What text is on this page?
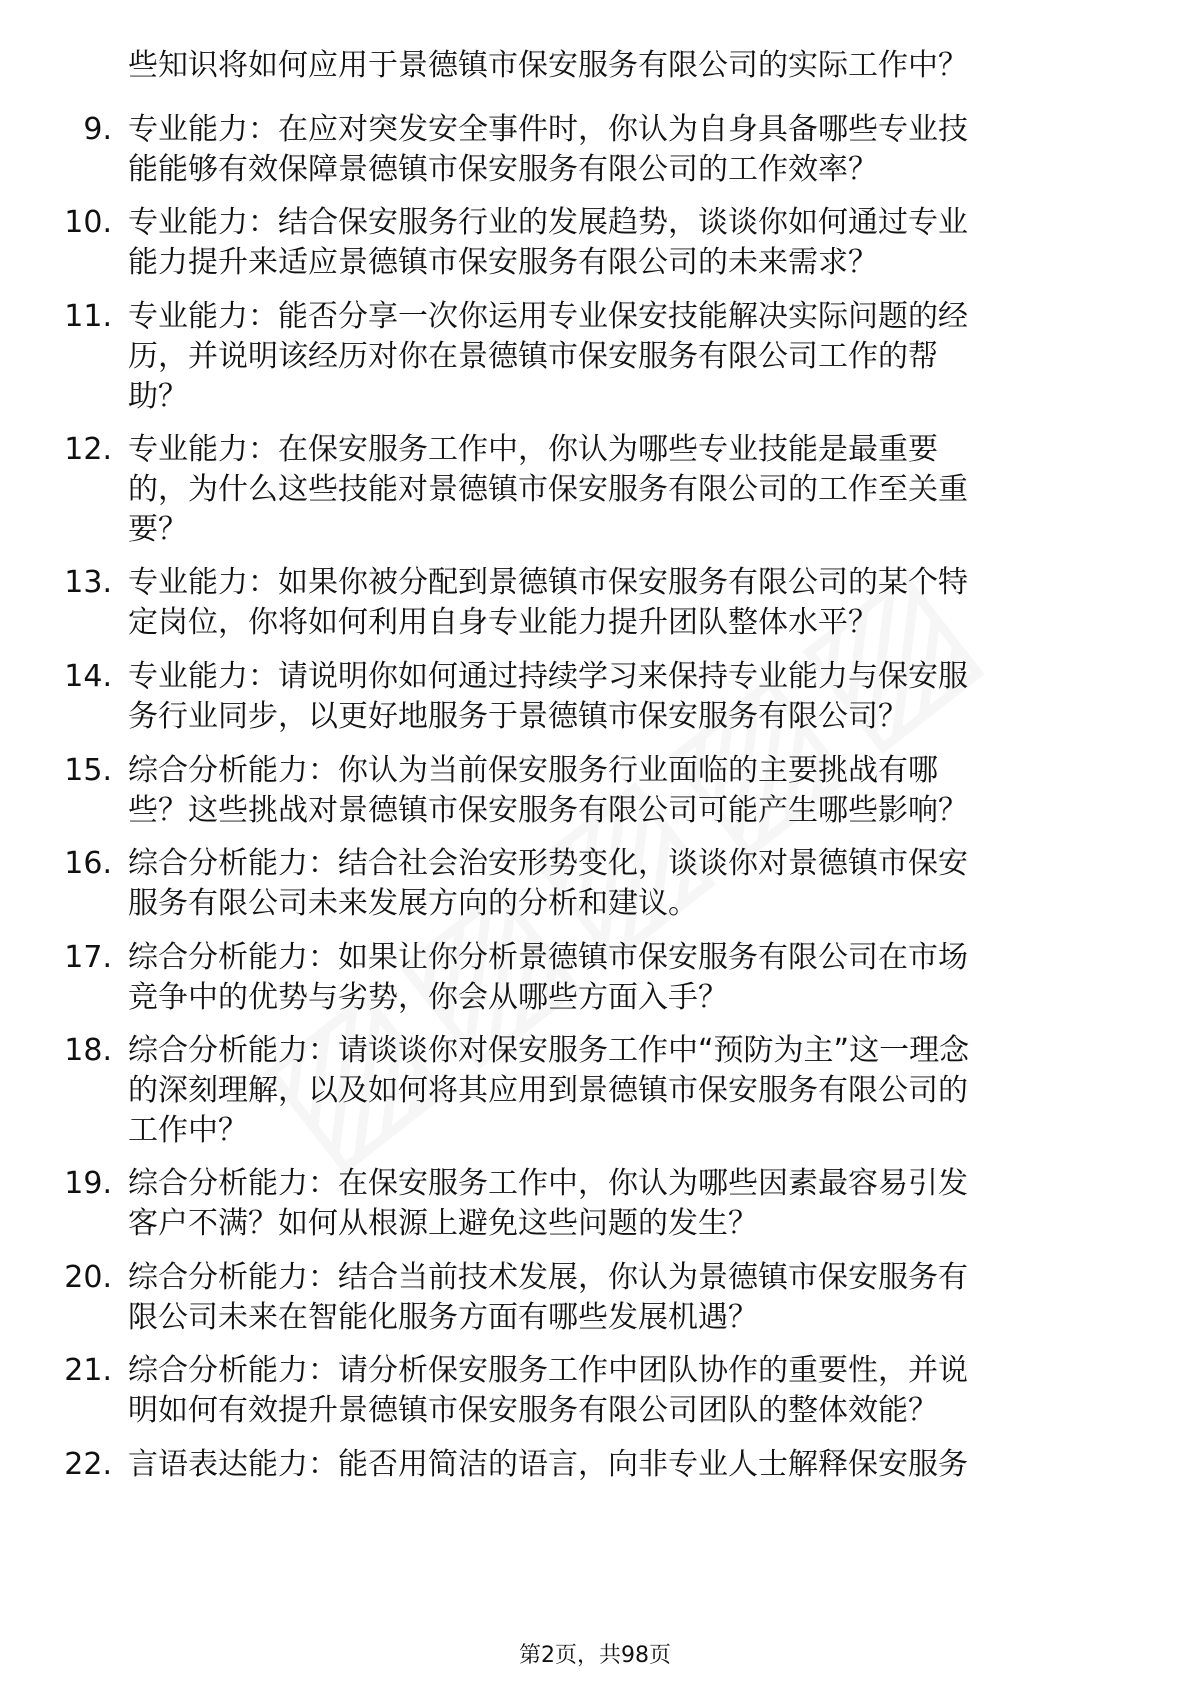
些知识将如何应用于景德镇市保安服务有限公司的实际工作中？
9. 专业能力：在应对突发安全事件时，你认为自身具备哪些专业技
能能够有效保障景德镇市保安服务有限公司的工作效率？
10. 专业能力：结合保安服务行业的发展趋势，谈谈你如何通过专业
能力提升来适应景德镇市保安服务有限公司的未来需求？
11. 专业能力：能否分享一次你运用专业保安技能解决实际问题的经
历，并说明该经历对你在景德镇市保安服务有限公司工作的帮
助？
12. 专业能力：在保安服务工作中，你认为哪些专业技能是最重要
的，为什么这些技能对景德镇市保安服务有限公司的工作至关重
要？
13. 专业能力：如果你被分配到景德镇市保安服务有限公司的某个特
定岗位，你将如何利用自身专业能力提升团队整体水平？
14. 专业能力：请说明你如何通过持续学习来保持专业能力与保安服
务行业同步，以更好地服务于景德镇市保安服务有限公司？
15. 综合分析能力：你认为当前保安服务行业面临的主要挑战有哪
些？这些挑战对景德镇市保安服务有限公司可能产生哪些影响？
16. 综合分析能力：结合社会治安形势变化，谈谈你对景德镇市保安
服务有限公司未来发展方向的分析和建议。
17. 综合分析能力：如果让你分析景德镇市保安服务有限公司在市场
竞争中的优势与劣势，你会从哪些方面入手？
18. 综合分析能力：请谈谈你对保安服务工作中“预防为主”这一理念
的深刻理解，以及如何将其应用到景德镇市保安服务有限公司的
工作中？
19. 综合分析能力：在保安服务工作中，你认为哪些因素最容易引发
客户不满？如何从根源上避免这些问题的发生？
20. 综合分析能力：结合当前技术发展，你认为景德镇市保安服务有
限公司未来在智能化服务方面有哪些发展机遇？
21. 综合分析能力：请分析保安服务工作中团队协作的重要性，并说
明如何有效提升景德镇市保安服务有限公司团队的整体效能？
22. 言语表达能力：能否用简洁的语言，向非专业人士解释保安服务
第2页，共98页
